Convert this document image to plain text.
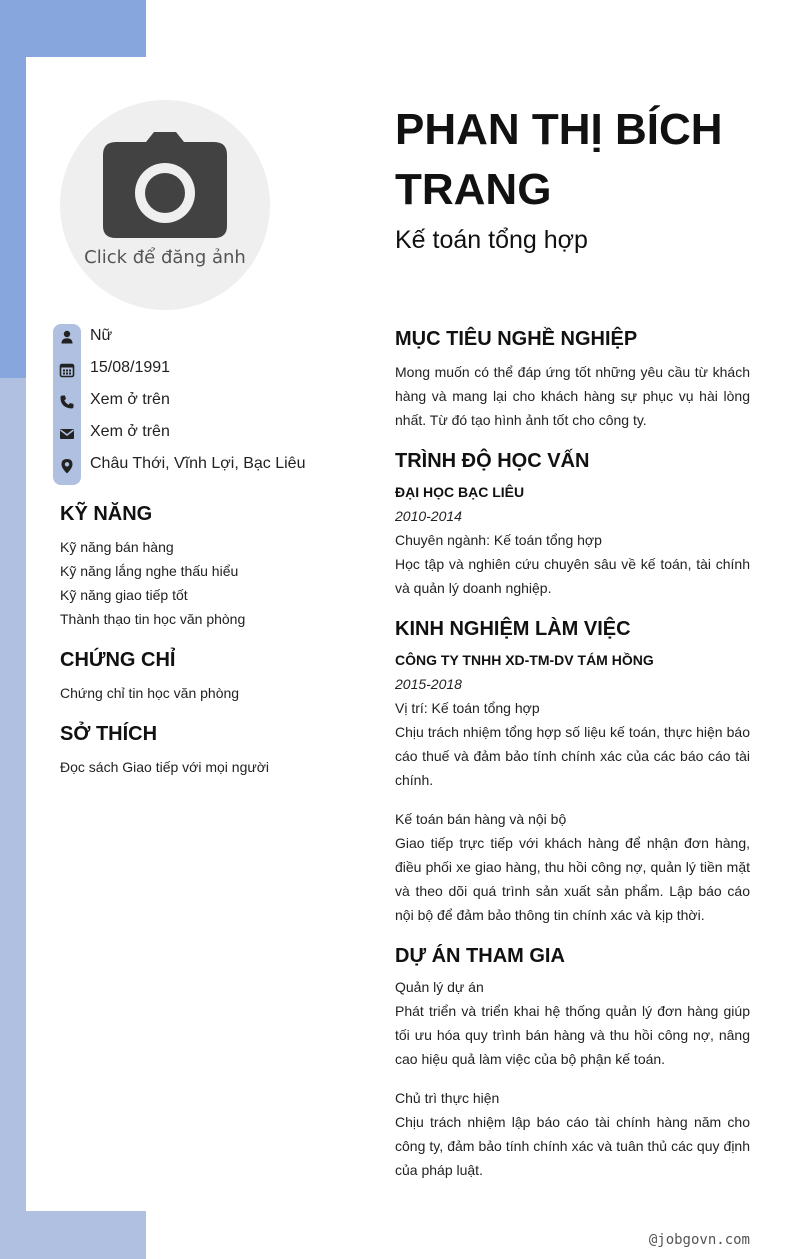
Click để đăng ảnh
Nữ
15/08/1991
Xem ở trên
Xem ở trên
Châu Thới, Vĩnh Lợi, Bạc Liêu
KỸ NĂNG
Kỹ năng bán hàng
Kỹ năng lắng nghe thấu hiểu
Kỹ năng giao tiếp tốt
Thành thạo tin học văn phòng
CHỨNG CHỈ
Chứng chỉ tin học văn phòng
SỞ THÍCH
Đọc sách Giao tiếp với mọi người
PHAN THỊ BÍCH TRANG
Kế toán tổng hợp
MỤC TIÊU NGHỀ NGHIỆP
Mong muốn có thể đáp ứng tốt những yêu cầu từ khách hàng và mang lại cho khách hàng sự phục vụ hài lòng nhất. Từ đó tạo hình ảnh tốt cho công ty.
TRÌNH ĐỘ HỌC VẤN
ĐẠI HỌC BẠC LIÊU
2010-2014
Chuyên ngành: Kế toán tổng hợp
Học tập và nghiên cứu chuyên sâu về kế toán, tài chính và quản lý doanh nghiệp.
KINH NGHIỆM LÀM VIỆC
CÔNG TY TNHH XD-TM-DV TÁM HỒNG
2015-2018
Vị trí: Kế toán tổng hợp
Chịu trách nhiệm tổng hợp số liệu kế toán, thực hiện báo cáo thuế và đảm bảo tính chính xác của các báo cáo tài chính.
Kế toán bán hàng và nội bộ
Giao tiếp trực tiếp với khách hàng để nhận đơn hàng, điều phối xe giao hàng, thu hồi công nợ, quản lý tiền mặt và theo dõi quá trình sản xuất sản phẩm. Lập báo cáo nội bộ để đảm bảo thông tin chính xác và kịp thời.
DỰ ÁN THAM GIA
Quản lý dự án
Phát triển và triển khai hệ thống quản lý đơn hàng giúp tối ưu hóa quy trình bán hàng và thu hồi công nợ, nâng cao hiệu quả làm việc của bộ phận kế toán.
Chủ trì thực hiện
Chịu trách nhiệm lập báo cáo tài chính hàng năm cho công ty, đảm bảo tính chính xác và tuân thủ các quy định của pháp luật.
@jobgovn.com
